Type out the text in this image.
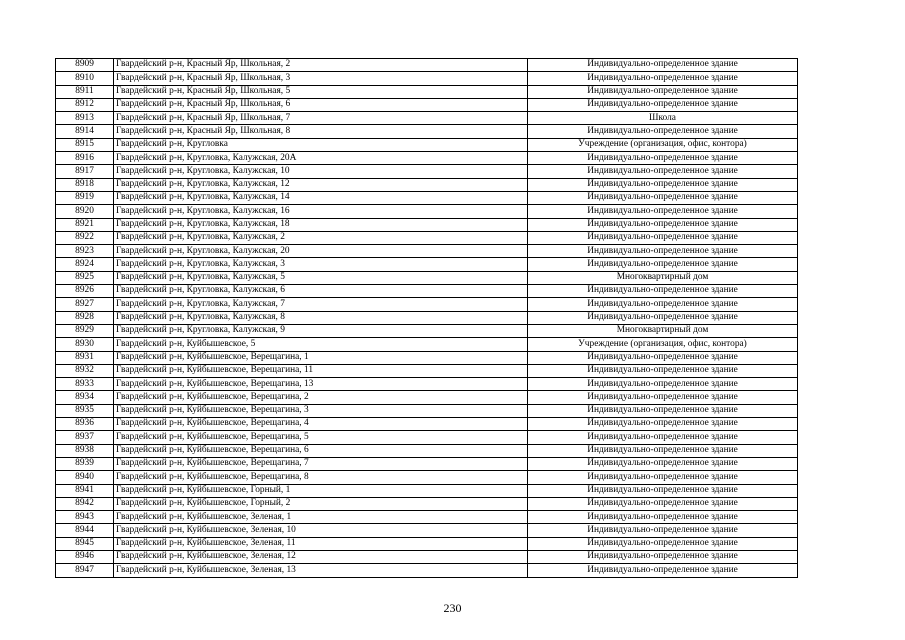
8909	Гвардейский р-н, Красный Яр, Школьная, 2	Индивидуально-определенное здание
8910	Гвардейский р-н, Красный Яр, Школьная, 3	Индивидуально-определенное здание
8911	Гвардейский р-н, Красный Яр, Школьная, 5	Индивидуально-определенное здание
8912	Гвардейский р-н, Красный Яр, Школьная, 6	Индивидуально-определенное здание
8913	Гвардейский р-н, Красный Яр, Школьная, 7	Школа
8914	Гвардейский р-н, Красный Яр, Школьная, 8	Индивидуально-определенное здание
8915	Гвардейский р-н, Кругловка	Учреждение (организация, офис, контора)
8916	Гвардейский р-н, Кругловка, Калужская, 20А	Индивидуально-определенное здание
8917	Гвардейский р-н, Кругловка, Калужская, 10	Индивидуально-определенное здание
8918	Гвардейский р-н, Кругловка, Калужская, 12	Индивидуально-определенное здание
8919	Гвардейский р-н, Кругловка, Калужская, 14	Индивидуально-определенное здание
8920	Гвардейский р-н, Кругловка, Калужская, 16	Индивидуально-определенное здание
8921	Гвардейский р-н, Кругловка, Калужская, 18	Индивидуально-определенное здание
8922	Гвардейский р-н, Кругловка, Калужская, 2	Индивидуально-определенное здание
8923	Гвардейский р-н, Кругловка, Калужская, 20	Индивидуально-определенное здание
8924	Гвардейский р-н, Кругловка, Калужская, 3	Индивидуально-определенное здание
8925	Гвардейский р-н, Кругловка, Калужская, 5	Многоквартирный дом
8926	Гвардейский р-н, Кругловка, Калужская, 6	Индивидуально-определенное здание
8927	Гвардейский р-н, Кругловка, Калужская, 7	Индивидуально-определенное здание
8928	Гвардейский р-н, Кругловка, Калужская, 8	Индивидуально-определенное здание
8929	Гвардейский р-н, Кругловка, Калужская, 9	Многоквартирный дом
8930	Гвардейский р-н, Куйбышевское, 5	Учреждение (организация, офис, контора)
8931	Гвардейский р-н, Куйбышевское, Верещагина, 1	Индивидуально-определенное здание
8932	Гвардейский р-н, Куйбышевское, Верещагина, 11	Индивидуально-определенное здание
8933	Гвардейский р-н, Куйбышевское, Верещагина, 13	Индивидуально-определенное здание
8934	Гвардейский р-н, Куйбышевское, Верещагина, 2	Индивидуально-определенное здание
8935	Гвардейский р-н, Куйбышевское, Верещагина, 3	Индивидуально-определенное здание
8936	Гвардейский р-н, Куйбышевское, Верещагина, 4	Индивидуально-определенное здание
8937	Гвардейский р-н, Куйбышевское, Верещагина, 5	Индивидуально-определенное здание
8938	Гвардейский р-н, Куйбышевское, Верещагина, 6	Индивидуально-определенное здание
8939	Гвардейский р-н, Куйбышевское, Верещагина, 7	Индивидуально-определенное здание
8940	Гвардейский р-н, Куйбышевское, Верещагина, 8	Индивидуально-определенное здание
8941	Гвардейский р-н, Куйбышевское, Горный, 1	Индивидуально-определенное здание
8942	Гвардейский р-н, Куйбышевское, Горный, 2	Индивидуально-определенное здание
8943	Гвардейский р-н, Куйбышевское, Зеленая, 1	Индивидуально-определенное здание
8944	Гвардейский р-н, Куйбышевское, Зеленая, 10	Индивидуально-определенное здание
8945	Гвардейский р-н, Куйбышевское, Зеленая, 11	Индивидуально-определенное здание
8946	Гвардейский р-н, Куйбышевское, Зеленая, 12	Индивидуально-определенное здание
8947	Гвардейский р-н, Куйбышевское, Зеленая, 13	Индивидуально-определенное здание
230
